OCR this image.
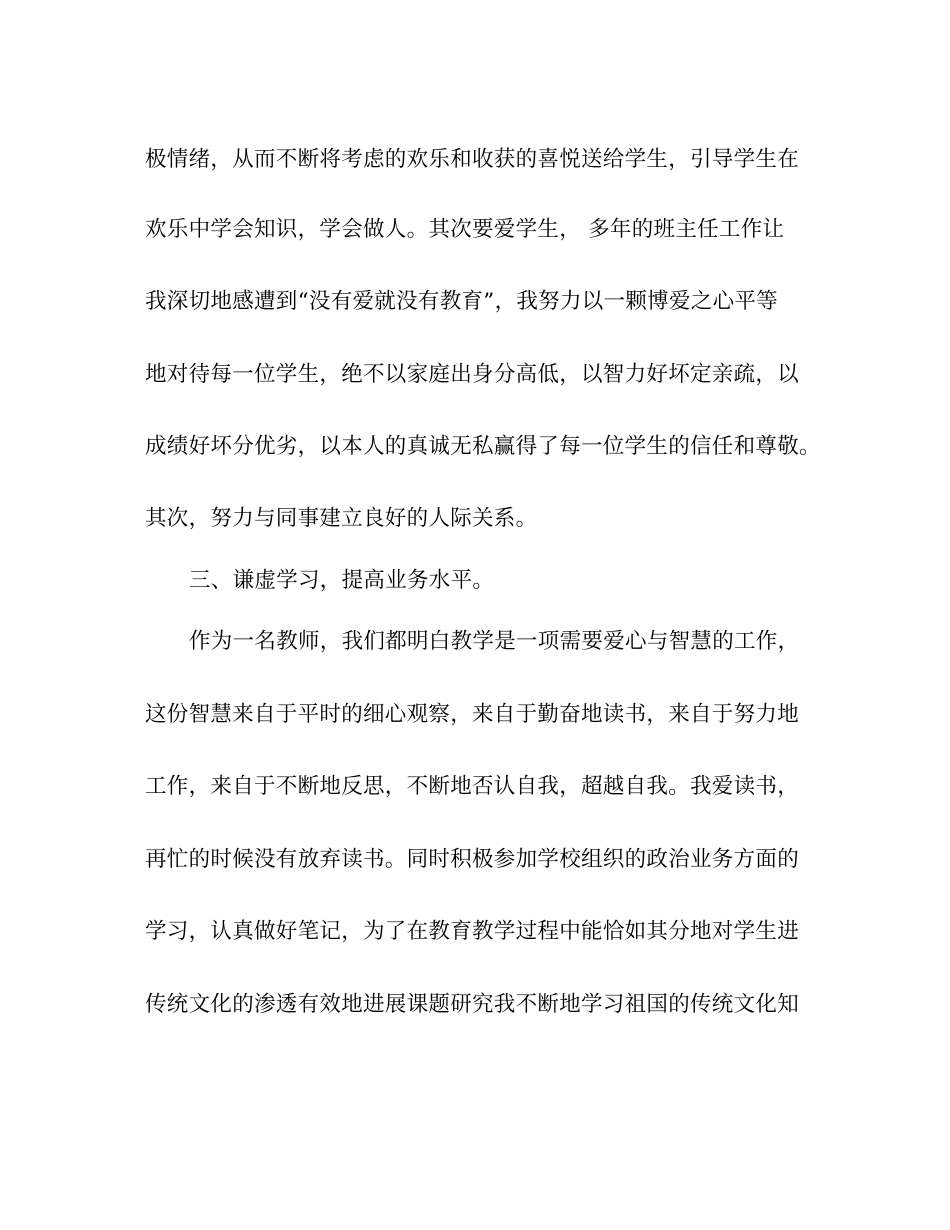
极情绪，从而不断将考虑的欢乐和收获的喜悦送给学生，引导学生在
欢乐中学会知识，学会做人。其次要爱学生， 多年的班主任工作让
我深切地感遭到“没有爱就没有教育”，我努力以一颗博爱之心平等
地对待每一位学生，绝不以家庭出身分高低，以智力好坏定亲疏，以
成绩好坏分优劣，以本人的真诚无私赢得了每一位学生的信任和尊敬。
其次，努力与同事建立良好的人际关系。
三、谦虚学习，提高业务水平。
作为一名教师，我们都明白教学是一项需要爱心与智慧的工作，
这份智慧来自于平时的细心观察，来自于勤奋地读书，来自于努力地
工作，来自于不断地反思，不断地否认自我，超越自我。我爱读书，
再忙的时候没有放弃读书。同时积极参加学校组织的政治业务方面的
学习，认真做好笔记，为了在教育教学过程中能恰如其分地对学生进
传统文化的渗透有效地进展课题研究我不断地学习祖国的传统文化知
